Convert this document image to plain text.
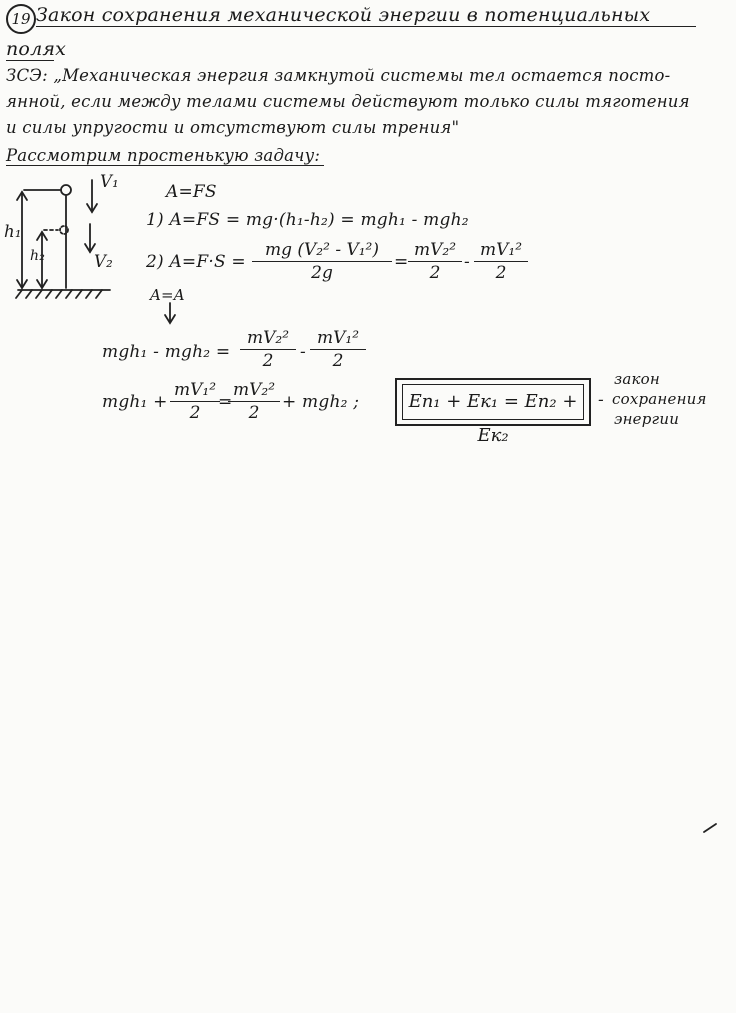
19 Закон сохранения механической энергии в потенциальных
полях
ЗСЭ: „Механическая энергия замкнутой системы тел остается посто-
янной, если между телами системы действуют только силы тяготения
и силы упругости и отсутствуют силы трения"
Рассмотрим простенькую задачу:
h₁
h₂
V₁
V₂
A=FS
1) A=FS = mg·(h₁-h₂) = mgh₁ - mgh₂
2) A=F·S =
mg (V₂² - V₁²)
2g
=
mV₂²
2
-
mV₁²
2
A=A
mgh₁ - mgh₂ =
mV₂²
2	-
mV₁²
2
mgh₁ +
mV₁²
2
=
mV₂²
2
+ mgh₂ ;	Eп₁ + Eк₁ = Eп₂ + Eк₂
-
закон
сохранения
энергии
